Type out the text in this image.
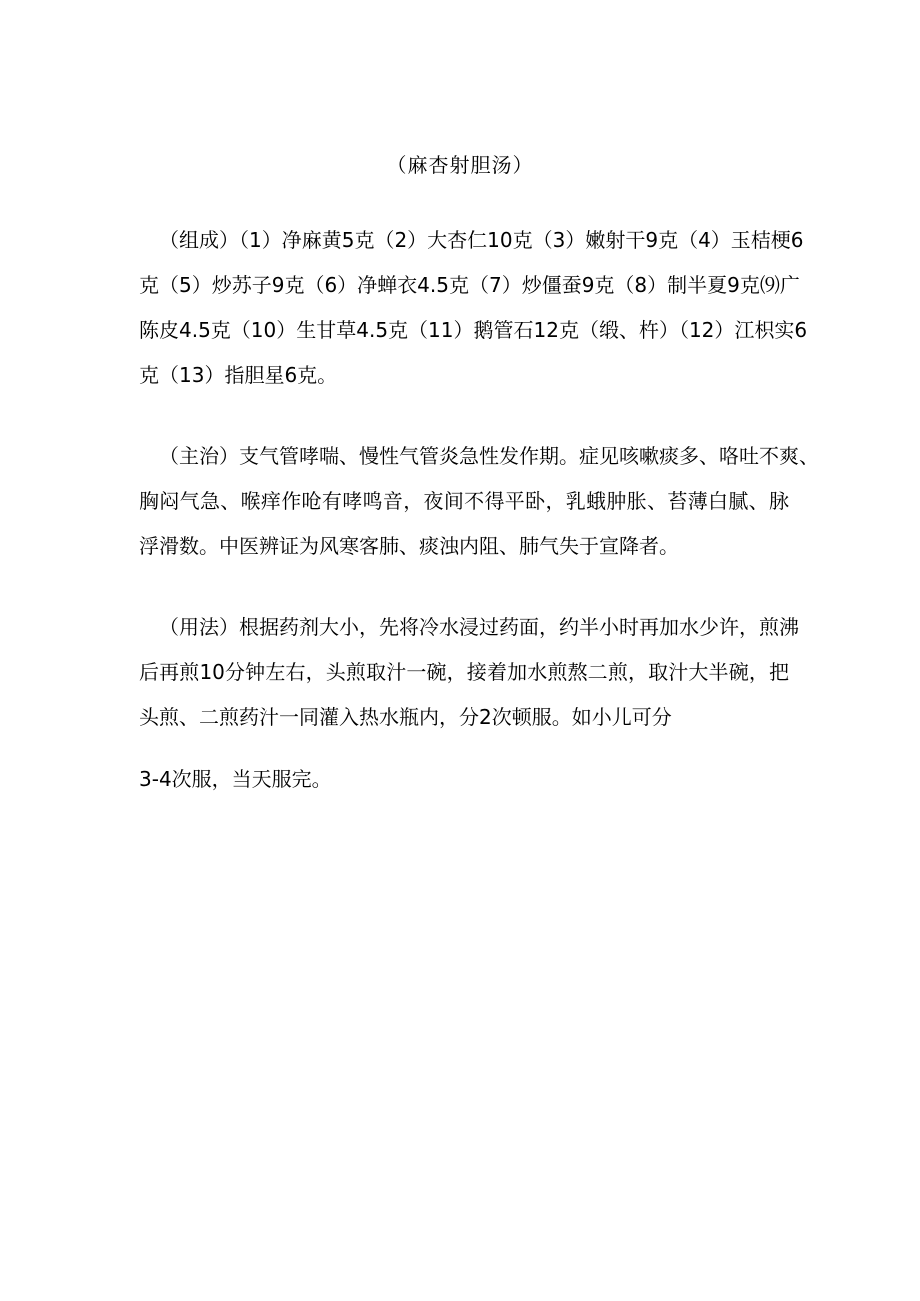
（麻杏射胆汤）
（组成）（1）净麻黄5克（2）大杏仁10克（3）嫩射干9克（4）玉桔梗6
克（5）炒苏子9克（6）净蝉衣4.5克（7）炒僵蚕9克（8）制半夏9克⑼广
陈皮4.5克（10）生甘草4.5克（11）鹅管石12克（缎、杵）（12）江枳实6
克（13）指胆星6克。
（主治）支气管哮喘、慢性气管炎急性发作期。症见咳嗽痰多、咯吐不爽、
胸闷气急、喉痒作呛有哮鸣音，夜间不得平卧，乳蛾肿胀、苔薄白腻、脉
浮滑数。中医辨证为风寒客肺、痰浊内阻、肺气失于宣降者。
（用法）根据药剂大小，先将冷水浸过药面，约半小时再加水少许，煎沸
后再煎10分钟左右，头煎取汁一碗，接着加水煎熬二煎，取汁大半碗，把
头煎、二煎药汁一同灌入热水瓶内，分2次顿服。如小儿可分
3-4次服，当天服完。
